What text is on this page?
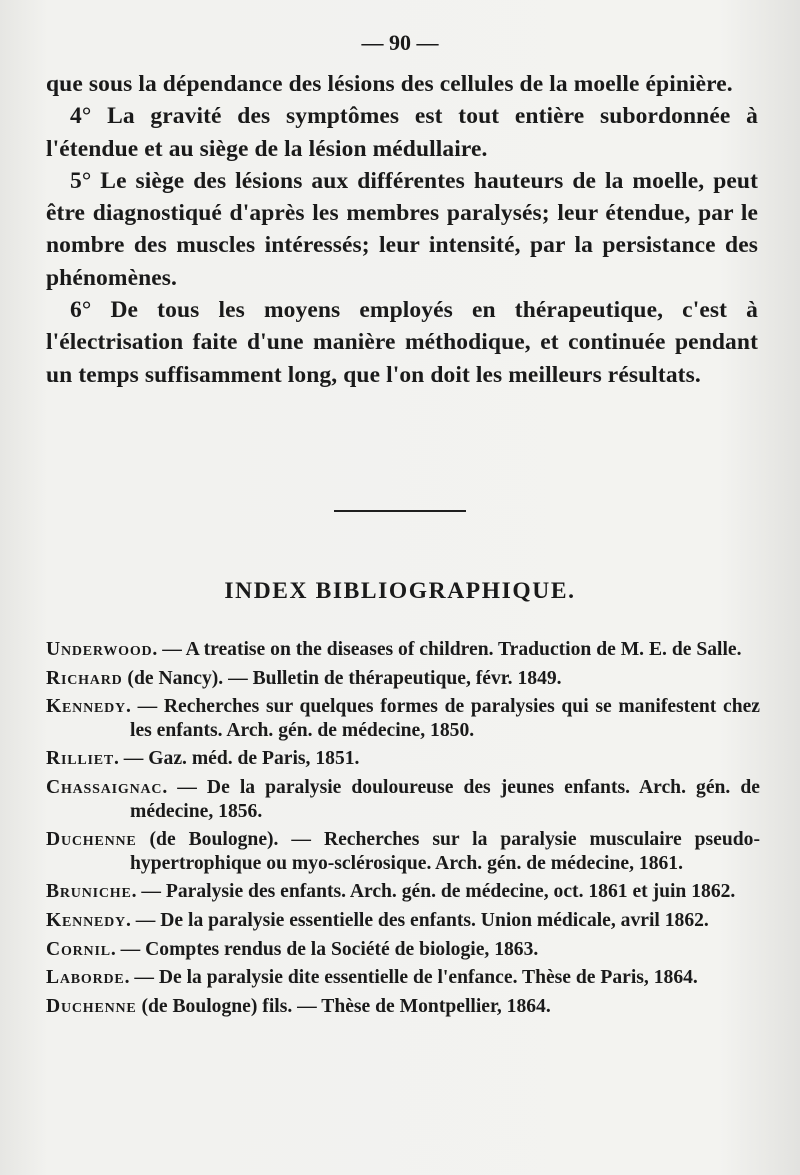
— 90 —

que sous la dépendance des lésions des cellules de la moelle épinière.

4° La gravité des symptômes est tout entière subordonnée à l'étendue et au siège de la lésion médullaire.

5° Le siège des lésions aux différentes hauteurs de la moelle, peut être diagnostiqué d'après les membres paralysés; leur étendue, par le nombre des muscles intéressés; leur intensité, par la persistance des phénomènes.

6° De tous les moyens employés en thérapeutique, c'est à l'électrisation faite d'une manière méthodique, et continuée pendant un temps suffisamment long, que l'on doit les meilleurs résultats.

INDEX BIBLIOGRAPHIQUE.
Underwood. — A treatise on the diseases of children. Traduction de M. E. de Salle.
Richard (de Nancy). — Bulletin de thérapeutique, févr. 1849.
Kennedy. — Recherches sur quelques formes de paralysies qui se manifestent chez les enfants. Arch. gén. de médecine, 1850.
Rilliet. — Gaz. méd. de Paris, 1851.
Chassaignac. — De la paralysie douloureuse des jeunes enfants. Arch. gén. de médecine, 1856.
Duchenne (de Boulogne). — Recherches sur la paralysie musculaire pseudo-hypertrophique ou myo-sclérosique. Arch. gén. de médecine, 1861.
Bruniche. — Paralysie des enfants. Arch. gén. de médecine, oct. 1861 et juin 1862.
Kennedy. — De la paralysie essentielle des enfants. Union médicale, avril 1862.
Cornil. — Comptes rendus de la Société de biologie, 1863.
Laborde. — De la paralysie dite essentielle de l'enfance. Thèse de Paris, 1864.
Duchenne (de Boulogne) fils. — Thèse de Montpellier, 1864.
